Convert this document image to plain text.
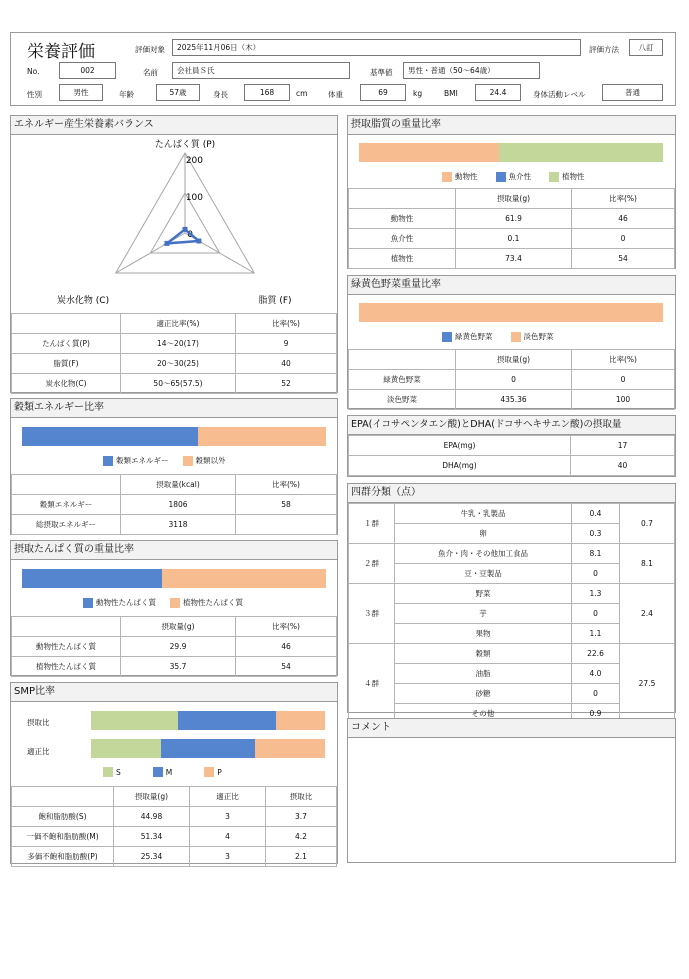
栄養評価	評価対象	2025年11月06日（木）	評価方法	八訂
No.	002	名前	会社員Ｓ氏	基準値	男性・普通（50～64歳）
性別	男性	年齢	57歳	身長	168	cm	体重	69	kg	BMI	24.4	身体活動レベル	普通
エネルギー産生栄養素バランス
たんぱく質 (P)
脂質 (F)
炭水化物 (C)
200
100
0
	適正比率(%)	比率(%)
たんぱく質(P)	14～20(17)	9
脂質(F)	20～30(25)	40
炭水化物(C)	50～65(57.5)	52
穀類エネルギー比率
穀類エネルギー	穀類以外
	摂取量(kcal)	比率(%)
穀類エネルギー	1806	58
総摂取エネルギー	3118	
摂取たんぱく質の重量比率
動物性たんぱく質	植物性たんぱく質
	摂取量(g)	比率(%)
動物性たんぱく質	29.9	46
植物性たんぱく質	35.7	54
SMP比率
摂取比
適正比
S	M	P
	摂取量(g)	適正比	摂取比
飽和脂肪酸(S)	44.98	3	3.7
一価不飽和脂肪酸(M)	51.34	4	4.2
多価不飽和脂肪酸(P)	25.34	3	2.1
摂取脂質の重量比率
動物性	魚介性	植物性
	摂取量(g)	比率(%)
動物性	61.9	46
魚介性	0.1	0
植物性	73.4	54
緑黄色野菜重量比率
緑黄色野菜	淡色野菜
	摂取量(g)	比率(%)
緑黄色野菜	0	0
淡色野菜	435.36	100
EPA(イコサペンタエン酸)とDHA(ドコサヘキサエン酸)の摂取量
EPA(mg)	17
DHA(mg)	40
四群分類（点）
１群	牛乳・乳製品	0.4	0.7
	卵	0.3	
２群	魚介・肉・その他加工食品	8.1	8.1
	豆・豆製品	0	
３群	野菜	1.3	2.4
	芋	0	
	果物	1.1	
４群	穀類	22.6	27.5
	油脂	4.0	
	砂糖	0	
	その他	0.9	
コメント
